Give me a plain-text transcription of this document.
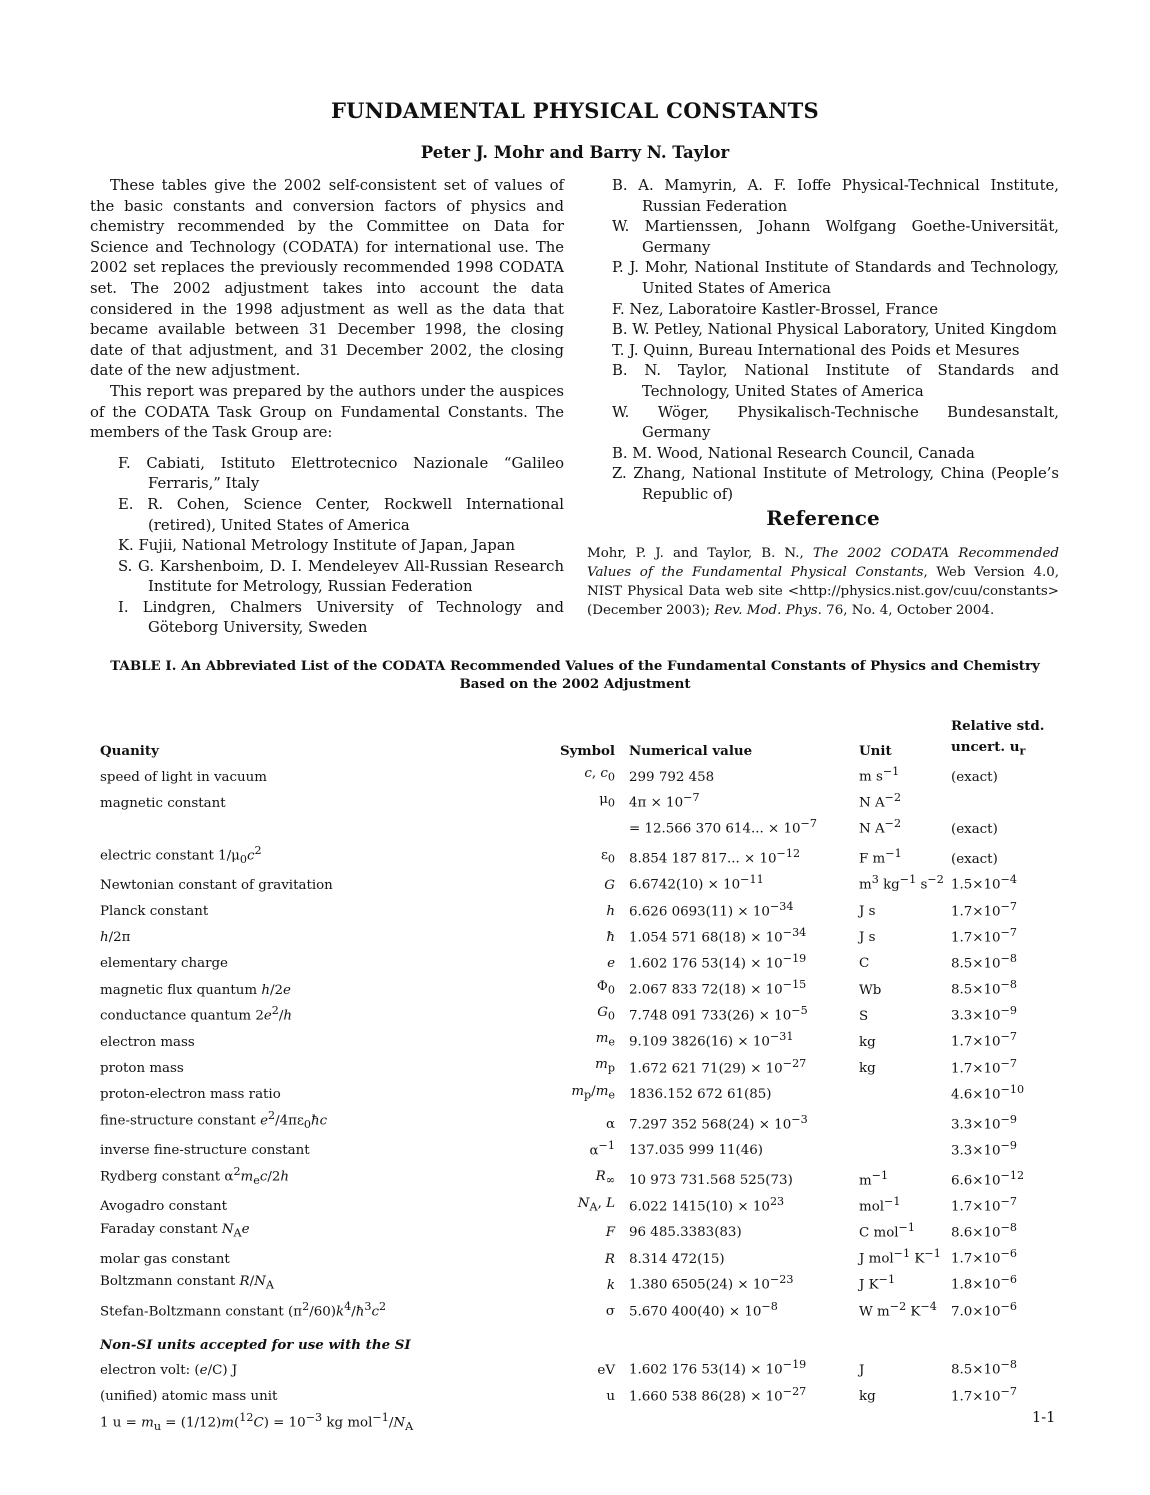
FUNDAMENTAL PHYSICAL CONSTANTS
Peter J. Mohr and Barry N. Taylor

These tables give the 2002 self-consistent set of values of the basic constants and conversion factors of physics and chemistry recommended by the Committee on Data for Science and Technology (CODATA) for international use. The 2002 set replaces the previously recommended 1998 CODATA set. The 2002 adjustment takes into account the data considered in the 1998 adjustment as well as the data that became available between 31 December 1998, the closing date of that adjustment, and 31 December 2002, the closing date of the new adjustment.

This report was prepared by the authors under the auspices of the CODATA Task Group on Fundamental Constants. The members of the Task Group are:

F. Cabiati, Istituto Elettrotecnico Nazionale “Galileo Ferraris,” Italy
E. R. Cohen, Science Center, Rockwell International (retired), United States of America
K. Fujii, National Metrology Institute of Japan, Japan
S. G. Karshenboim, D. I. Mendeleyev All-Russian Research Institute for Metrology, Russian Federation
I. Lindgren, Chalmers University of Technology and Göteborg University, Sweden
B. A. Mamyrin, A. F. Ioffe Physical-Technical Institute, Russian Federation
W. Martienssen, Johann Wolfgang Goethe-Universität, Germany
P. J. Mohr, National Institute of Standards and Technology, United States of America
F. Nez, Laboratoire Kastler-Brossel, France
B. W. Petley, National Physical Laboratory, United Kingdom
T. J. Quinn, Bureau International des Poids et Mesures
B. N. Taylor, National Institute of Standards and Technology, United States of America
W. Wöger, Physikalisch-Technische Bundesanstalt, Germany
B. M. Wood, National Research Council, Canada
Z. Zhang, National Institute of Metrology, China (People’s Republic of)
Reference
Mohr, P. J. and Taylor, B. N., The 2002 CODATA Recommended Values of the Fundamental Physical Constants, Web Version 4.0, NIST Physical Data web site <http://physics.nist.gov/cuu/constants> (December 2003); Rev. Mod. Phys. 76, No. 4, October 2004.
TABLE I. An Abbreviated List of the CODATA Recommended Values of the Fundamental Constants of Physics and Chemistry
Based on the 2002 Adjustment
Quanity	Symbol	Numerical value	Unit	Relative std.
uncert. $u_r$
speed of light in vacuum	c, $c_0$	299 792 458	m $s^{-1}$	(exact)
magnetic constant	$\mu_0$	$4\pi \times 10^{-7}$	N $A^{-2}$	
		= 12.566 370 614... × $10^{-7}$	N $A^{-2}$	(exact)
electric constant $1/\mu_0c^2$	$\varepsilon_0$	8.854 187 817... × $10^{-12}$	F $m^{-1}$	(exact)
Newtonian constant of gravitation	G	$6.6742(10) \times 10^{-11}$	$m^3$ $kg^{-1}$ $s^{-2}$	$1.5\times 10^{-4}$
Planck constant	h	6.626 $0693(11) \times 10^{-34}$	J s	$1.7\times 10^{-7}$
h/2π	ħ	1.054 571 $68(18) \times 10^{-34}$	J s	$1.7\times 10^{-7}$
elementary charge	e	1.602 176 $53(14) \times 10^{-19}$	C	$8.5\times 10^{-8}$
magnetic flux quantum h/2e	$\Phi_0$	2.067 833 $72(18) \times 10^{-15}$	Wb	$8.5\times 10^{-8}$
conductance quantum $2e^2/h$	$G_0$	7.748 091 $733(26) \times 10^{-5}$	S	$3.3\times 10^{-9}$
electron mass	$m_e$	9.109 $3826(16) \times 10^{-31}$	kg	$1.7\times 10^{-7}$
proton mass	$m_p$	1.672 621 $71(29) \times 10^{-27}$	kg	$1.7\times 10^{-7}$
proton-electron mass ratio	$m_p/m_e$	1836.152 672 61(85)		$4.6\times 10^{-10}$
fine-structure constant $e^2/4\pi\varepsilon_0ħc$	α	7.297 352 $568(24) \times 10^{-3}$		$3.3\times 10^{-9}$
inverse fine-structure constant	$\alpha^{-1}$	137.035 999 11(46)		$3.3\times 10^{-9}$
Rydberg constant $\alpha^2m_ec/2h$	$R_\infty$	10 973 731.568 525(73)	$m^{-1}$	$6.6\times 10^{-12}$
Avogadro constant	$N_A$, L	6.022 $1415(10) \times 10^{23}$	mol$^{-1}$	$1.7\times 10^{-7}$
Faraday constant $N_Ae$	F	96 485.3383(83)	C mol$^{-1}$	$8.6\times 10^{-8}$
molar gas constant	R	8.314 472(15)	J mol$^{-1}$ $K^{-1}$	$1.7\times 10^{-6}$
Boltzmann constant $R/N_A$	k	1.380 $6505(24) \times 10^{-23}$	J $K^{-1}$	$1.8\times 10^{-6}$
Stefan-Boltzmann constant $(\pi^2/60)k^4/ħ^3c^2$	σ	5.670 $400(40) \times 10^{-8}$	W $m^{-2}$ $K^{-4}$	$7.0\times 10^{-6}$
Non-SI units accepted for use with the SI				
electron volt: (e/C) J	eV	1.602 176 $53(14) \times 10^{-19}$	J	$8.5\times 10^{-8}$
(unified) atomic mass unit	u	1.660 538 $86(28) \times 10^{-27}$	kg	$1.7\times 10^{-7}$
1 $u = m_u = (1/12)m(^{12}C) = 10^{-3}$ kg $mol^{-1}/N_A$				
1-1
